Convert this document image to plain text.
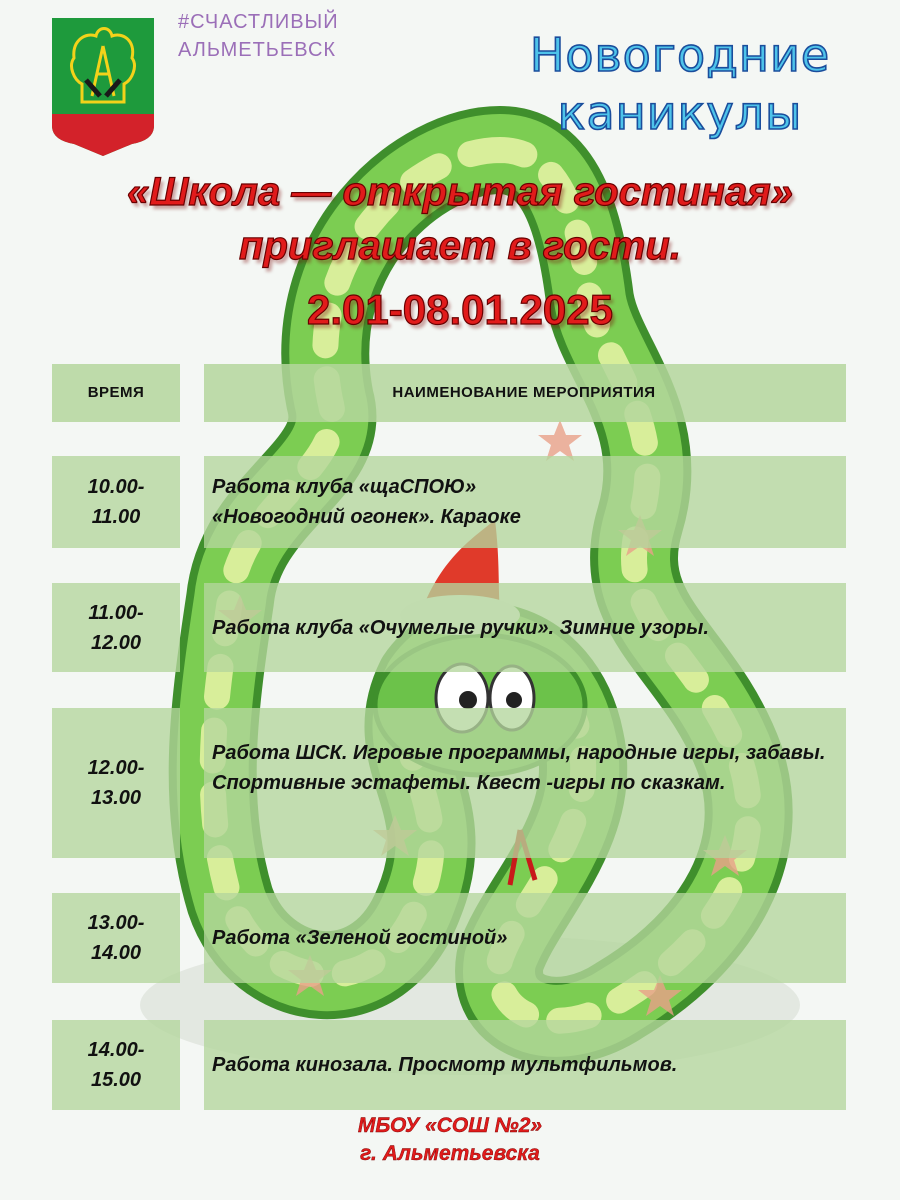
#СЧАСТЛИВЫЙ
АЛЬМЕТЬЕВСК	Новогодние
каникулы
«Школа — открытая гостиная»
приглашает в гости.
2.01-08.01.2025
ВРЕМЯ	НАИМЕНОВАНИЕ МЕРОПРИЯТИЯ
10.00-
11.00
Работа клуба «щаСПОЮ»
«Новогодний огонек». Караоке
11.00-
12.00
Работа клуба «Очумелые ручки». Зимние узоры.
12.00-
13.00
Работа ШСК. Игровые программы, народные игры, забавы. Спортивные эстафеты. Квест -игры по сказкам.
13.00-
14.00
Работа «Зеленой гостиной»
14.00-
15.00
Работа кинозала. Просмотр мультфильмов.
МБОУ «СОШ №2»
г. Альметьевска
